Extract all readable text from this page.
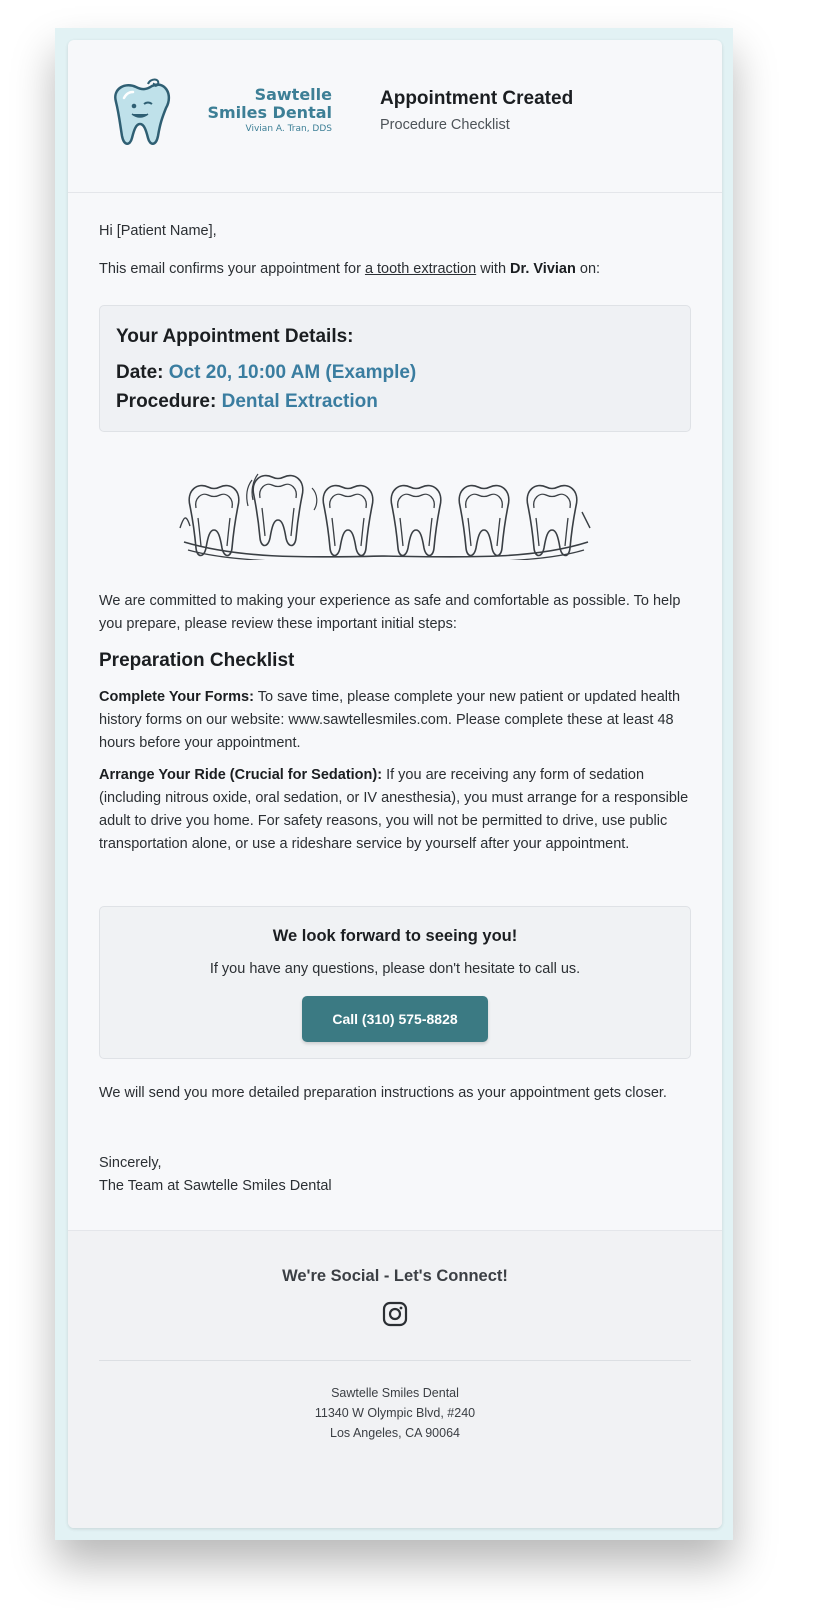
Sawtelle
Smiles Dental
Vivian A. Tran, DDS
Appointment Created
Procedure Checklist

Hi [Patient Name],

This email confirms your appointment for a tooth extraction with Dr. Vivian on:

Your Appointment Details:
Date: Oct 20, 10:00 AM (Example)
Procedure: Dental Extraction

We are committed to making your experience as safe and comfortable as possible. To help you prepare, please review these important initial steps:

Preparation Checklist

Complete Your Forms: To save time, please complete your new patient or updated health history forms on our website: www.sawtellesmiles.com. Please complete these at least 48 hours before your appointment.

Arrange Your Ride (Crucial for Sedation): If you are receiving any form of sedation (including nitrous oxide, oral sedation, or IV anesthesia), you must arrange for a responsible adult to drive you home. For safety reasons, you will not be permitted to drive, use public transportation alone, or use a rideshare service by yourself after your appointment.

We look forward to seeing you!
If you have any questions, please don't hesitate to call us.
Call (310) 575-8828

We will send you more detailed preparation instructions as your appointment gets closer.

Sincerely,

The Team at Sawtelle Smiles Dental

We're Social - Let's Connect!
Sawtelle Smiles Dental
11340 W Olympic Blvd, #240
Los Angeles, CA 90064
